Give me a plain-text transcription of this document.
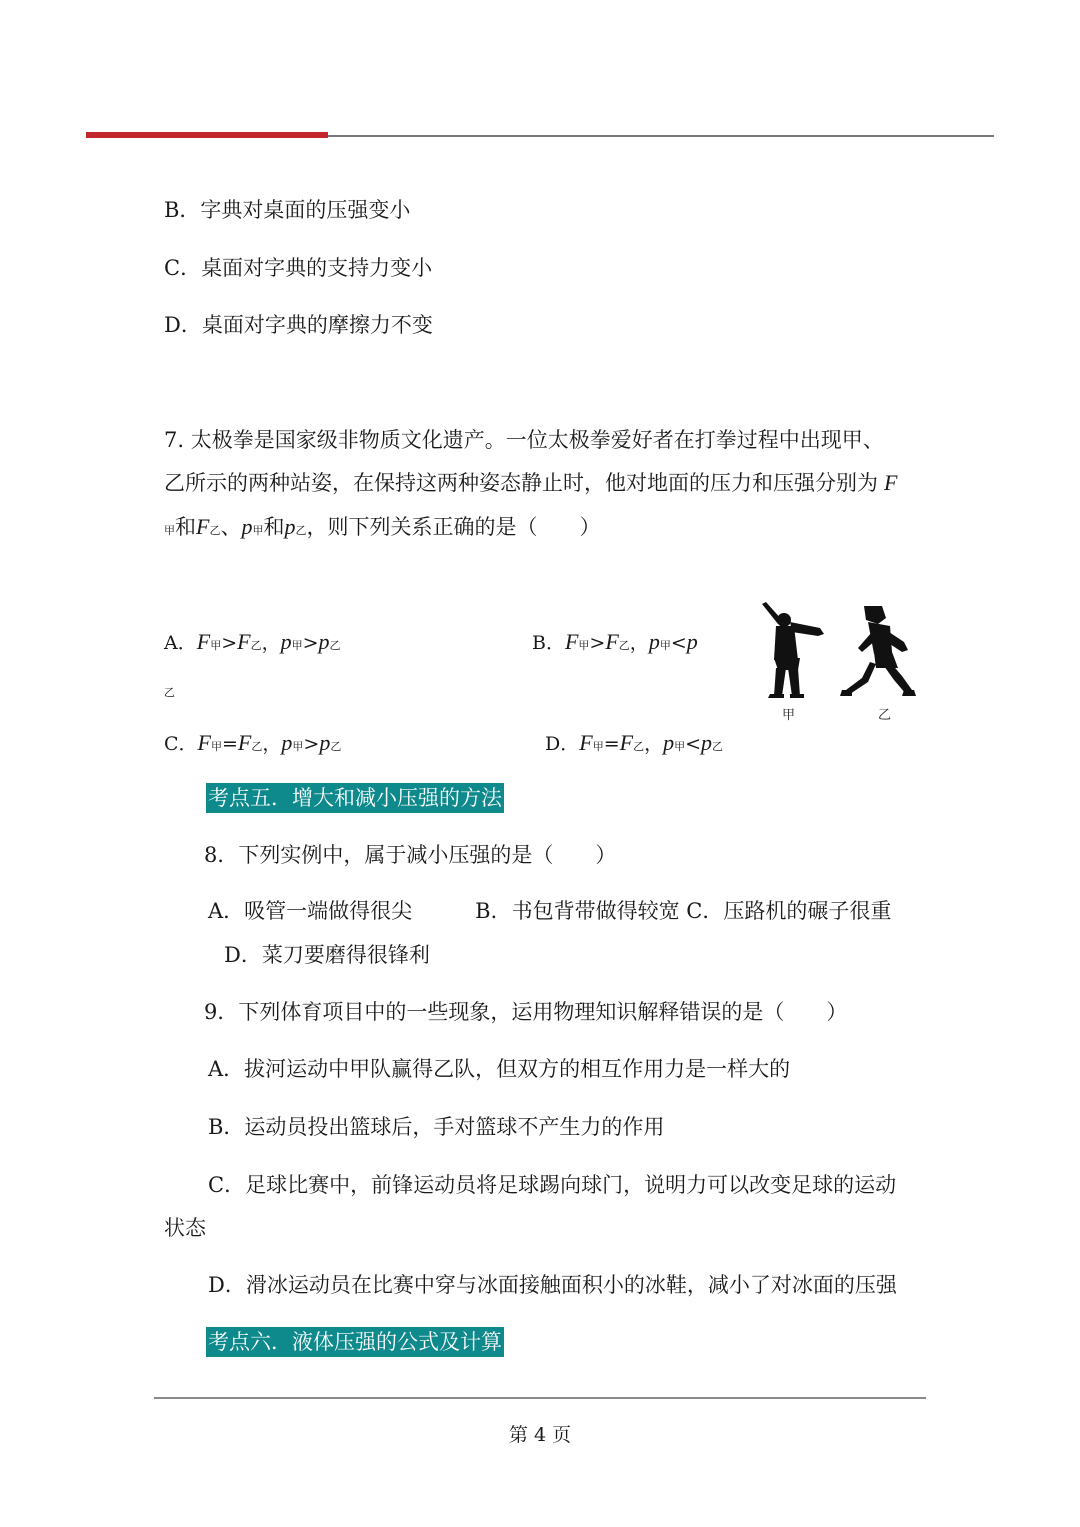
B．字典对桌面的压强变小
C．桌面对字典的支持力变小
D．桌面对字典的摩擦力不变
7. 太极拳是国家级非物质文化遗产。一位太极拳爱好者在打拳过程中出现甲、
乙所示的两种站姿，在保持这两种姿态静止时，他对地面的压力和压强分别为 F
甲和F乙、p甲和p乙，则下列关系正确的是（　　）
A．F甲>F乙，p甲>p乙
乙
B．F甲>F乙，p甲<p
C．F甲=F乙，p甲>p乙	D．F甲=F乙，p甲<p乙
甲	乙
考点五．增大和减小压强的方法
8．下列实例中，属于减小压强的是（　　）
A．吸管一端做得很尖　　　B．书包背带做得较宽 C．压路机的碾子很重
D．菜刀要磨得很锋利
9．下列体育项目中的一些现象，运用物理知识解释错误的是（　　）
A．拔河运动中甲队赢得乙队，但双方的相互作用力是一样大的
B．运动员投出篮球后，手对篮球不产生力的作用
C．足球比赛中，前锋运动员将足球踢向球门，说明力可以改变足球的运动
状态
D．滑冰运动员在比赛中穿与冰面接触面积小的冰鞋，减小了对冰面的压强
考点六．液体压强的公式及计算
第 4 页
